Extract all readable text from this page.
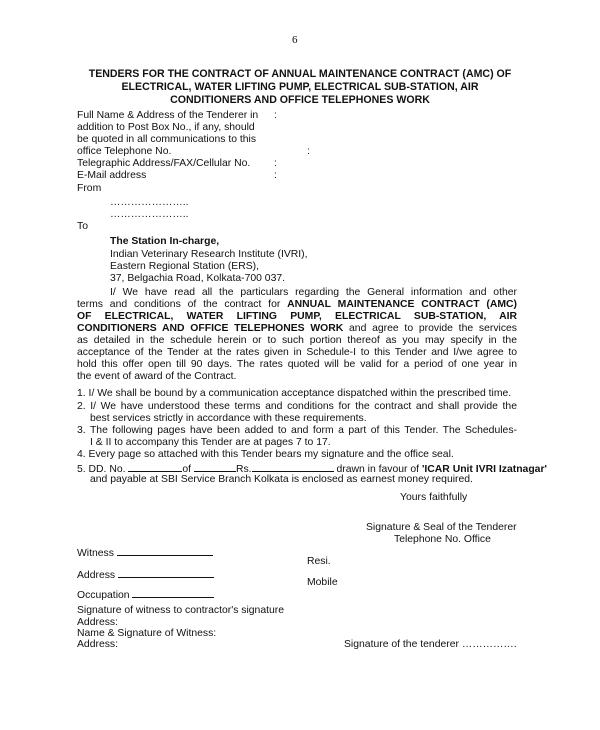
6
TENDERS FOR THE CONTRACT OF ANNUAL MAINTENANCE CONTRACT (AMC) OF
ELECTRICAL, WATER LIFTING PUMP, ELECTRICAL SUB-STATION, AIR
CONDITIONERS AND OFFICE TELEPHONES WORK
Full Name & Address of the Tenderer in :
addition to Post Box No., if any, should
be quoted in all communications to this
office Telephone No.	:
Telegraphic Address/FAX/Cellular No. :
E-Mail address	:
From
…………………..
…………………..
To
The Station In-charge,
Indian Veterinary Research Institute (IVRI),
Eastern Regional Station (ERS),
37, Belgachia Road, Kolkata-700 037.
I/ We have read all the particulars regarding the General information and other
terms and conditions of the contract for ANNUAL MAINTENANCE CONTRACT (AMC)
OF ELECTRICAL, WATER LIFTING PUMP, ELECTRICAL SUB-STATION, AIR
CONDITIONERS AND OFFICE TELEPHONES WORK and agree to provide the services
as detailed in the schedule herein or to such portion thereof as you may specify in the
acceptance of the Tender at the rates given in Schedule-I to this Tender and I/we agree to
hold this offer open till 90 days. The rates quoted will be valid for a period of one year in
the event of award of the Contract.
1. I/ We shall be bound by a communication acceptance dispatched within the prescribed time.
2. I/ We have understood these terms and conditions for the contract and shall provide the
best services strictly in accordance with these requirements.
3. The following pages have been added to and form a part of this Tender. The Schedules-
I & II to accompany this Tender are at pages 7 to 17.
4. Every page so attached with this Tender bears my signature and the office seal.
5. DD. No.	of	Rs.	drawn in favour of 'ICAR Unit IVRI Izatnagar'
and payable at SBI Service Branch Kolkata is enclosed as earnest money required.
Yours faithfully
Signature & Seal of the Tenderer
Telephone No. Office
Witness
Resi.
Address
Mobile
Occupation
Signature of witness to contractor's signature
Address:
Name & Signature of Witness:
Address:	Signature of the tenderer …………….
